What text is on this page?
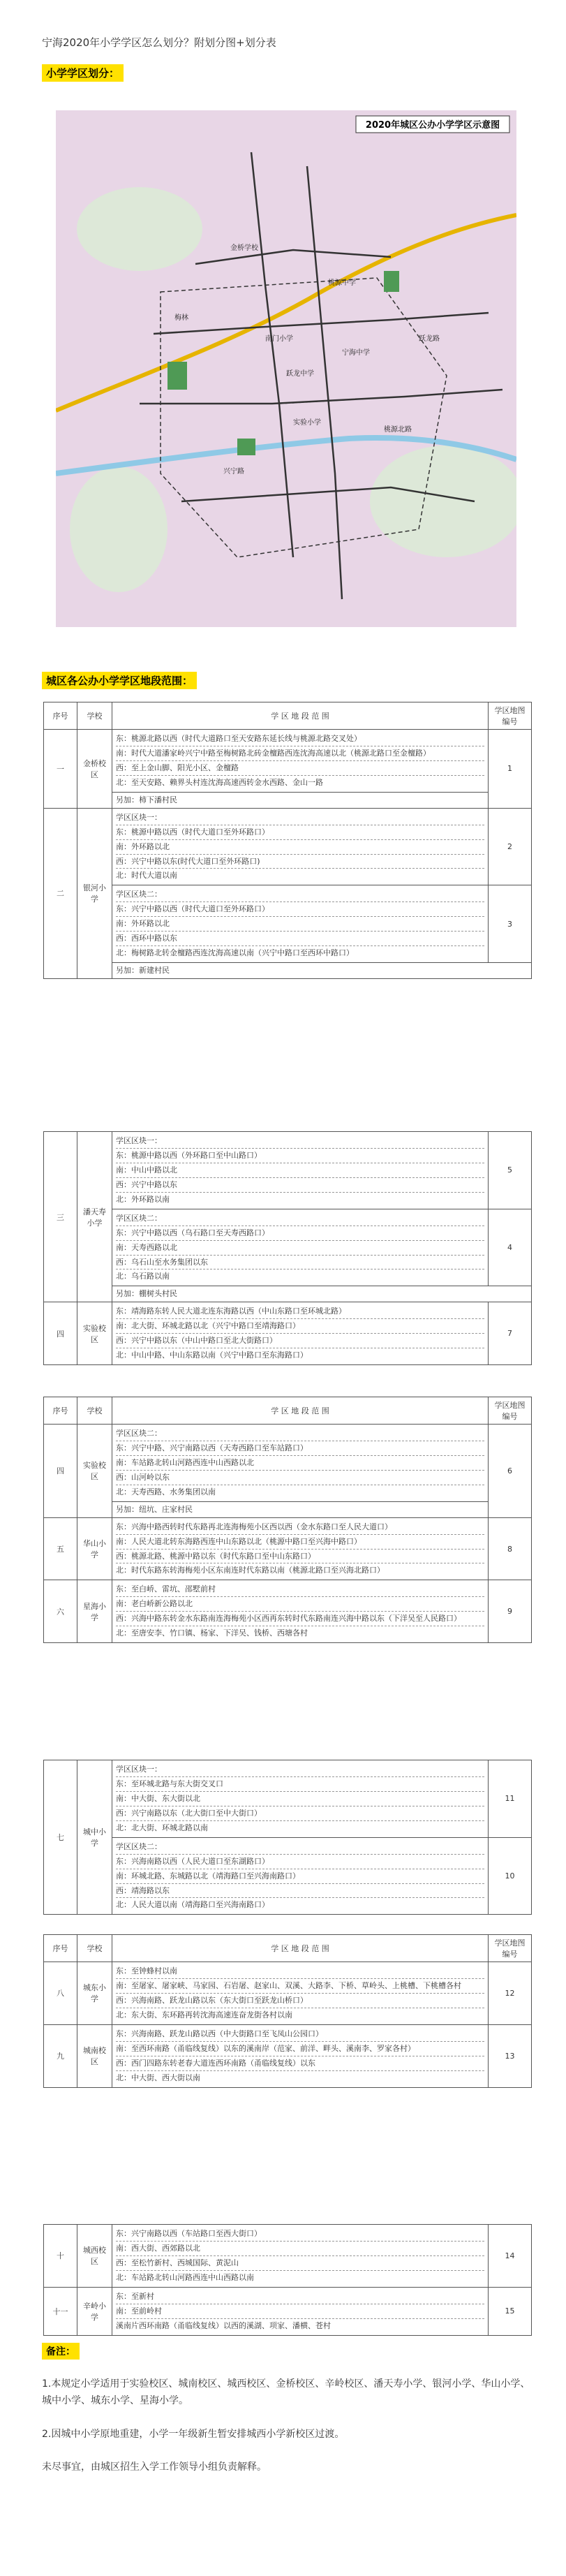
宁海2020年小学学区怎么划分？附划分图+划分表
小学学区划分：
2020年城区公办小学学区示意图
南门小学
跃龙中学
宁海中学
桃源中学
实验小学
金桥学校
梅林
兴宁路
桃源北路
跃龙路
城区各公办小学学区地段范围：
序号	学校	学 区 地 段 范 围	学区地图编号
一	金桥校区	东：桃源北路以西（时代大道路口至天安路东延长线与桃源北路交叉处）
南：时代大道潘家岭兴宁中路至梅树路北砖金檀路西连沈海高速以北（桃源北路口至金檀路）
西：至上金山脚、阳光小区、金檀路
北：至天安路、赖界头村连沈海高速西转金水西路、金山一路	1
		另加：柿下潘村民	
二	银河小学	学区区块一：
东：桃源中路以西（时代大道口至外环路口）
南：外环路以北
西：兴宁中路以东(时代大道口至外环路口)
北：时代大道以南	2

		学区区块二：
东：兴宁中路以西（时代大道口至外环路口）
南：外环路以北
西：西环中路以东
北：梅树路北转金檀路西连沈海高速以南（兴宁中路口至西环中路口）	3
		另加：新建村民	
三	潘天寿小学	学区区块一：
东：桃源中路以西（外环路口至中山路口）
南：中山中路以北
西：兴宁中路以东
北：外环路以南	5

		学区区块二：
东：兴宁中路以西（乌石路口至天寿西路口）
南：天寿西路以北
西：乌石山至水务集团以东
北：乌石路以南	4
		另加：棚树头村民	
四	实验校区	东：靖海路东转人民大道北连东海路以西（中山东路口至环城北路）
南：北大街、环城北路以北（兴宁中路口至靖海路口）
西：兴宁中路以东（中山中路口至北大街路口）
北：中山中路、中山东路以南（兴宁中路口至东海路口）	7
序号	学校	学 区 地 段 范 围	学区地图编号
四	实验校区	学区区块二：
东：兴宁中路、兴宁南路以西（天寿西路口至车站路口）
南：车站路北转山河路西连中山西路以北
西：山河岭以东
北：天寿西路、水务集团以南	6
		另加：纽坑、庄家村民	
五	华山小学	东：兴海中路西转时代东路再北连海梅苑小区西以西（金水东路口至人民大道口）
南：人民大道北转东海路西连中山东路以北（桃源中路口至兴海中路口）
西：桃源北路、桃源中路以东（时代东路口至中山东路口）
北：时代东路东转海梅苑小区东南连时代东路以南（桃源北路口至兴海北路口）	8
六	星海小学	东：至白峤、雷坑、邵墅前村
南：老白峤新公路以北
西：兴海中路东转金水东路南连海梅苑小区西再东转时代东路南连兴海中路以东（下洋吴至人民路口）
北：至唐安李、竹口镇、杨家、下洋吴、钱桥、西塘各村	9
七	城中小学	学区区块一：
东：至环城北路与东大街交叉口
南：中大街、东大街以北
西：兴宁南路以东（北大街口至中大街口）
北：北大街、环城北路以南	11

		学区区块二：
东：兴海南路以西（人民大道口至东湖路口）
南：环城北路、东城路以北（靖海路口至兴海南路口）
西：靖海路以东
北：人民大道以南（靖海路口至兴海南路口）	10
序号	学校	学 区 地 段 范 围	学区地图编号
八	城东小学	东：至钟蜂村以南
南：至屠家、屠家峡、马家园、石岩屠、赵家山、双溪、大路李、下桥、草岭头、上桃槽、下桃槽各村
西：兴海南路、跃龙山路以东（东大街口至跃龙山桥口）
北：东大街、东环路再转沈海高速连奋龙街各村以南	12
九	城南校区	东：兴海南路、跃龙山路以西（中大街路口至飞凤山公园口）
南：至西环南路（甬临线复线）以东的溪南岸（范家、前洋、畔头、溪南李、罗家各村）
西：西门四路东转老春大道连西环南路（甬临线复线）以东
北：中大街、西大街以南	13
十	城西校区	东：兴宁南路以西（车站路口至西大街口）
南：西大街、西郊路以北
西：至松竹新村、西城国际、黄泥山
北：车站路北转山河路西连中山西路以南	14
十一	辛岭小学	东：至新村
南：至前岭村
溪南片西环南路（甬临线复线）以西的溪湖、项家、潘横、苍村	15
备注：

1.本规定小学适用于实验校区、城南校区、城西校区、金桥校区、辛岭校区、潘天寿小学、银河小学、华山小学、城中小学、城东小学、星海小学。

2.因城中小学原地重建，小学一年级新生暂安排城西小学新校区过渡。

未尽事宜，由城区招生入学工作领导小组负责解释。
